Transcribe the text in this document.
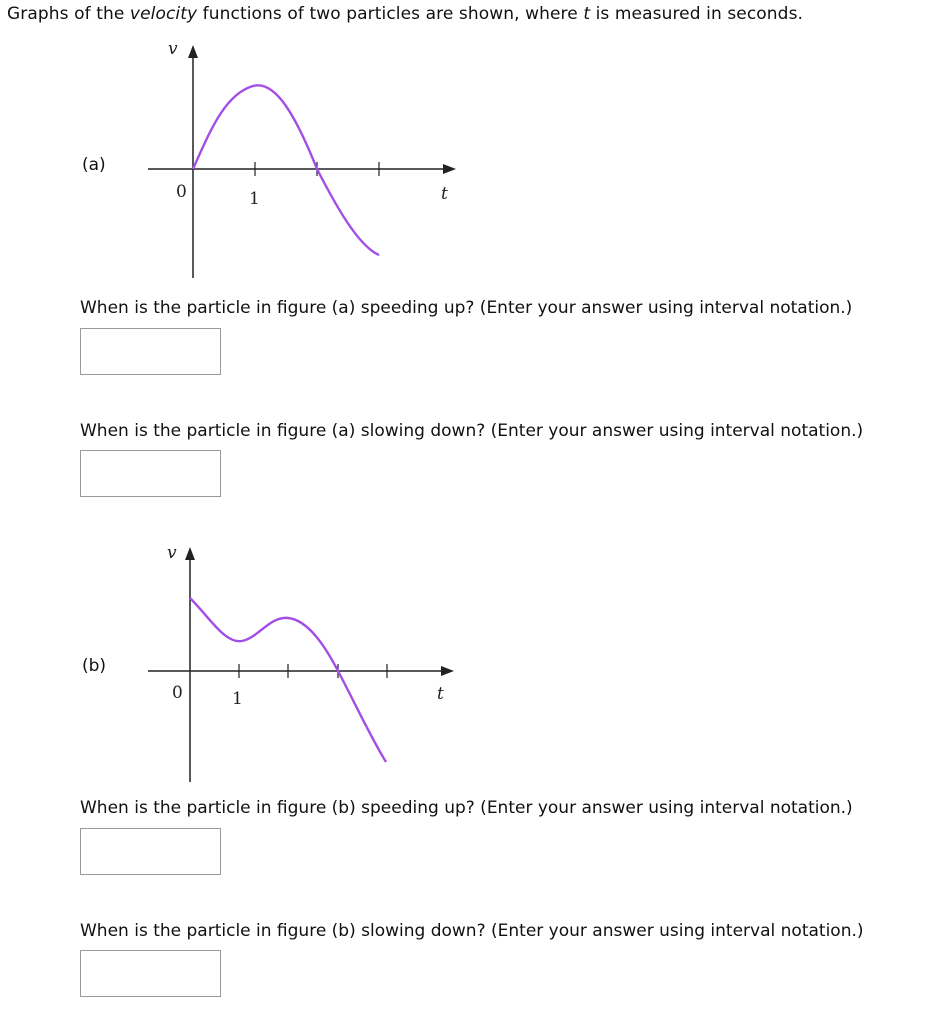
Graphs of the velocity functions of two particles are shown, where t is measured in seconds.
(a)
v
0	1	t
When is the particle in figure (a) speeding up? (Enter your answer using interval notation.)
When is the particle in figure (a) slowing down? (Enter your answer using interval notation.)
(b)
v
0	1	t
When is the particle in figure (b) speeding up? (Enter your answer using interval notation.)
When is the particle in figure (b) slowing down? (Enter your answer using interval notation.)
